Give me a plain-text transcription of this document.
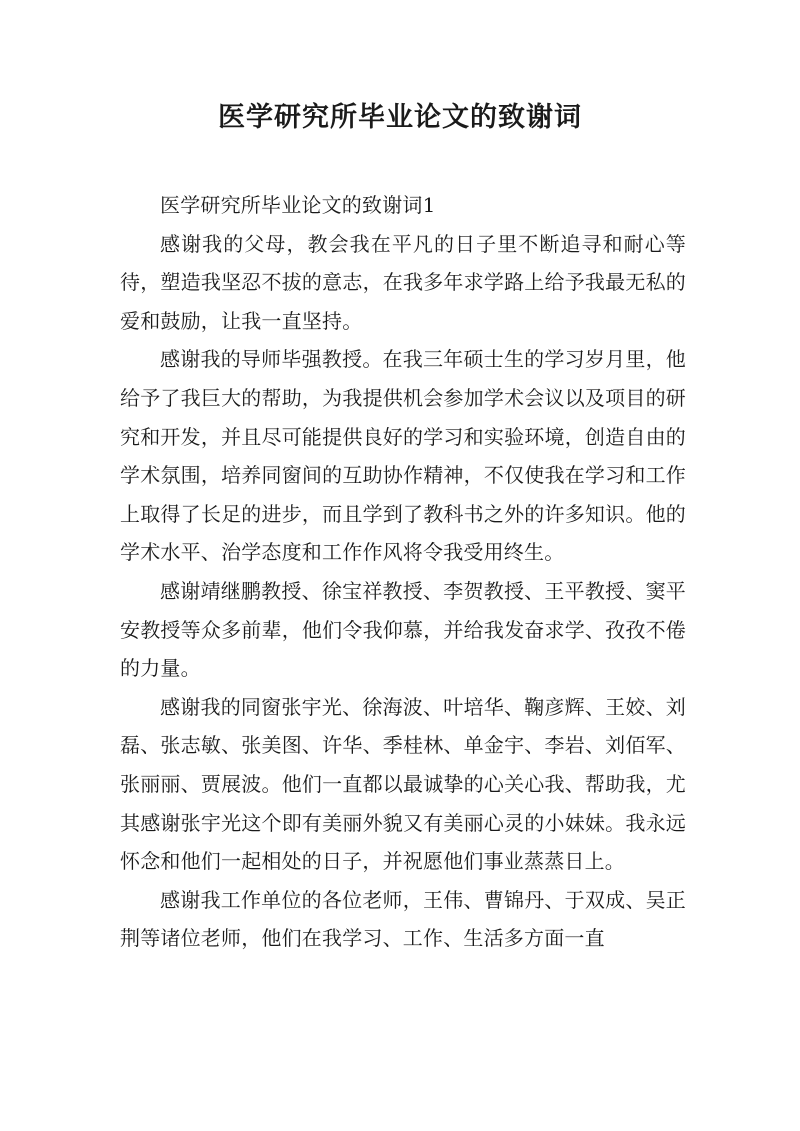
医学研究所毕业论文的致谢词

医学研究所毕业论文的致谢词1

感谢我的父母，教会我在平凡的日子里不断追寻和耐心等待，塑造我坚忍不拔的意志，在我多年求学路上给予我最无私的爱和鼓励，让我一直坚持。

感谢我的导师毕强教授。在我三年硕士生的学习岁月里，他给予了我巨大的帮助，为我提供机会参加学术会议以及项目的研究和开发，并且尽可能提供良好的学习和实验环境，创造自由的学术氛围，培养同窗间的互助协作精神，不仅使我在学习和工作上取得了长足的进步，而且学到了教科书之外的许多知识。他的学术水平、治学态度和工作作风将令我受用终生。

感谢靖继鹏教授、徐宝祥教授、李贺教授、王平教授、窦平安教授等众多前辈，他们令我仰慕，并给我发奋求学、孜孜不倦的力量。

感谢我的同窗张宇光、徐海波、叶培华、鞠彦辉、王姣、刘磊、张志敏、张美图、许华、季桂林、单金宇、李岩、刘佰军、张丽丽、贾展波。他们一直都以最诚挚的心关心我、帮助我，尤其感谢张宇光这个即有美丽外貌又有美丽心灵的小妹妹。我永远怀念和他们一起相处的日子，并祝愿他们事业蒸蒸日上。

感谢我工作单位的各位老师，王伟、曹锦丹、于双成、吴正荆等诸位老师，他们在我学习、工作、生活多方面一直
